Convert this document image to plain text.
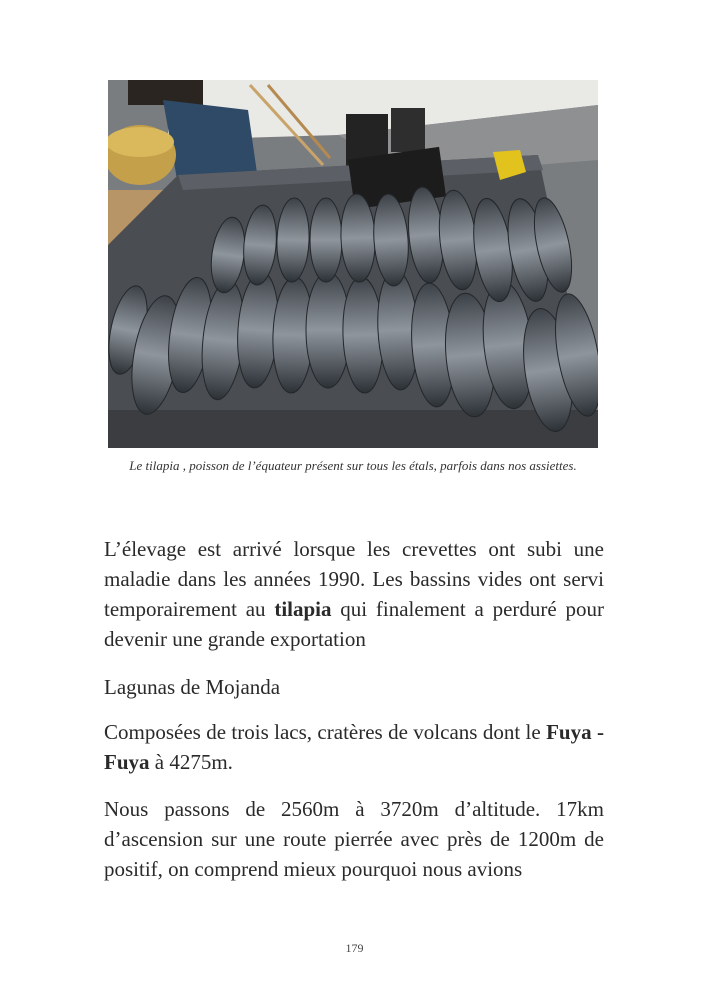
Le tilapia , poisson de l’équateur présent sur tous les étals, parfois dans nos assiettes.

L’élevage est arrivé lorsque les crevettes ont subi une maladie dans les années 1990. Les bassins vides ont servi temporairement au tilapia qui finalement a perduré pour devenir une grande exportation

Lagunas de Mojanda

Composées de trois lacs, cratères de volcans dont le Fuya - Fuya à 4275m.

Nous passons de 2560m à 3720m d’altitude. 17km d’ascension sur une route pierrée avec près de 1200m de positif, on comprend mieux pourquoi nous avions

179
